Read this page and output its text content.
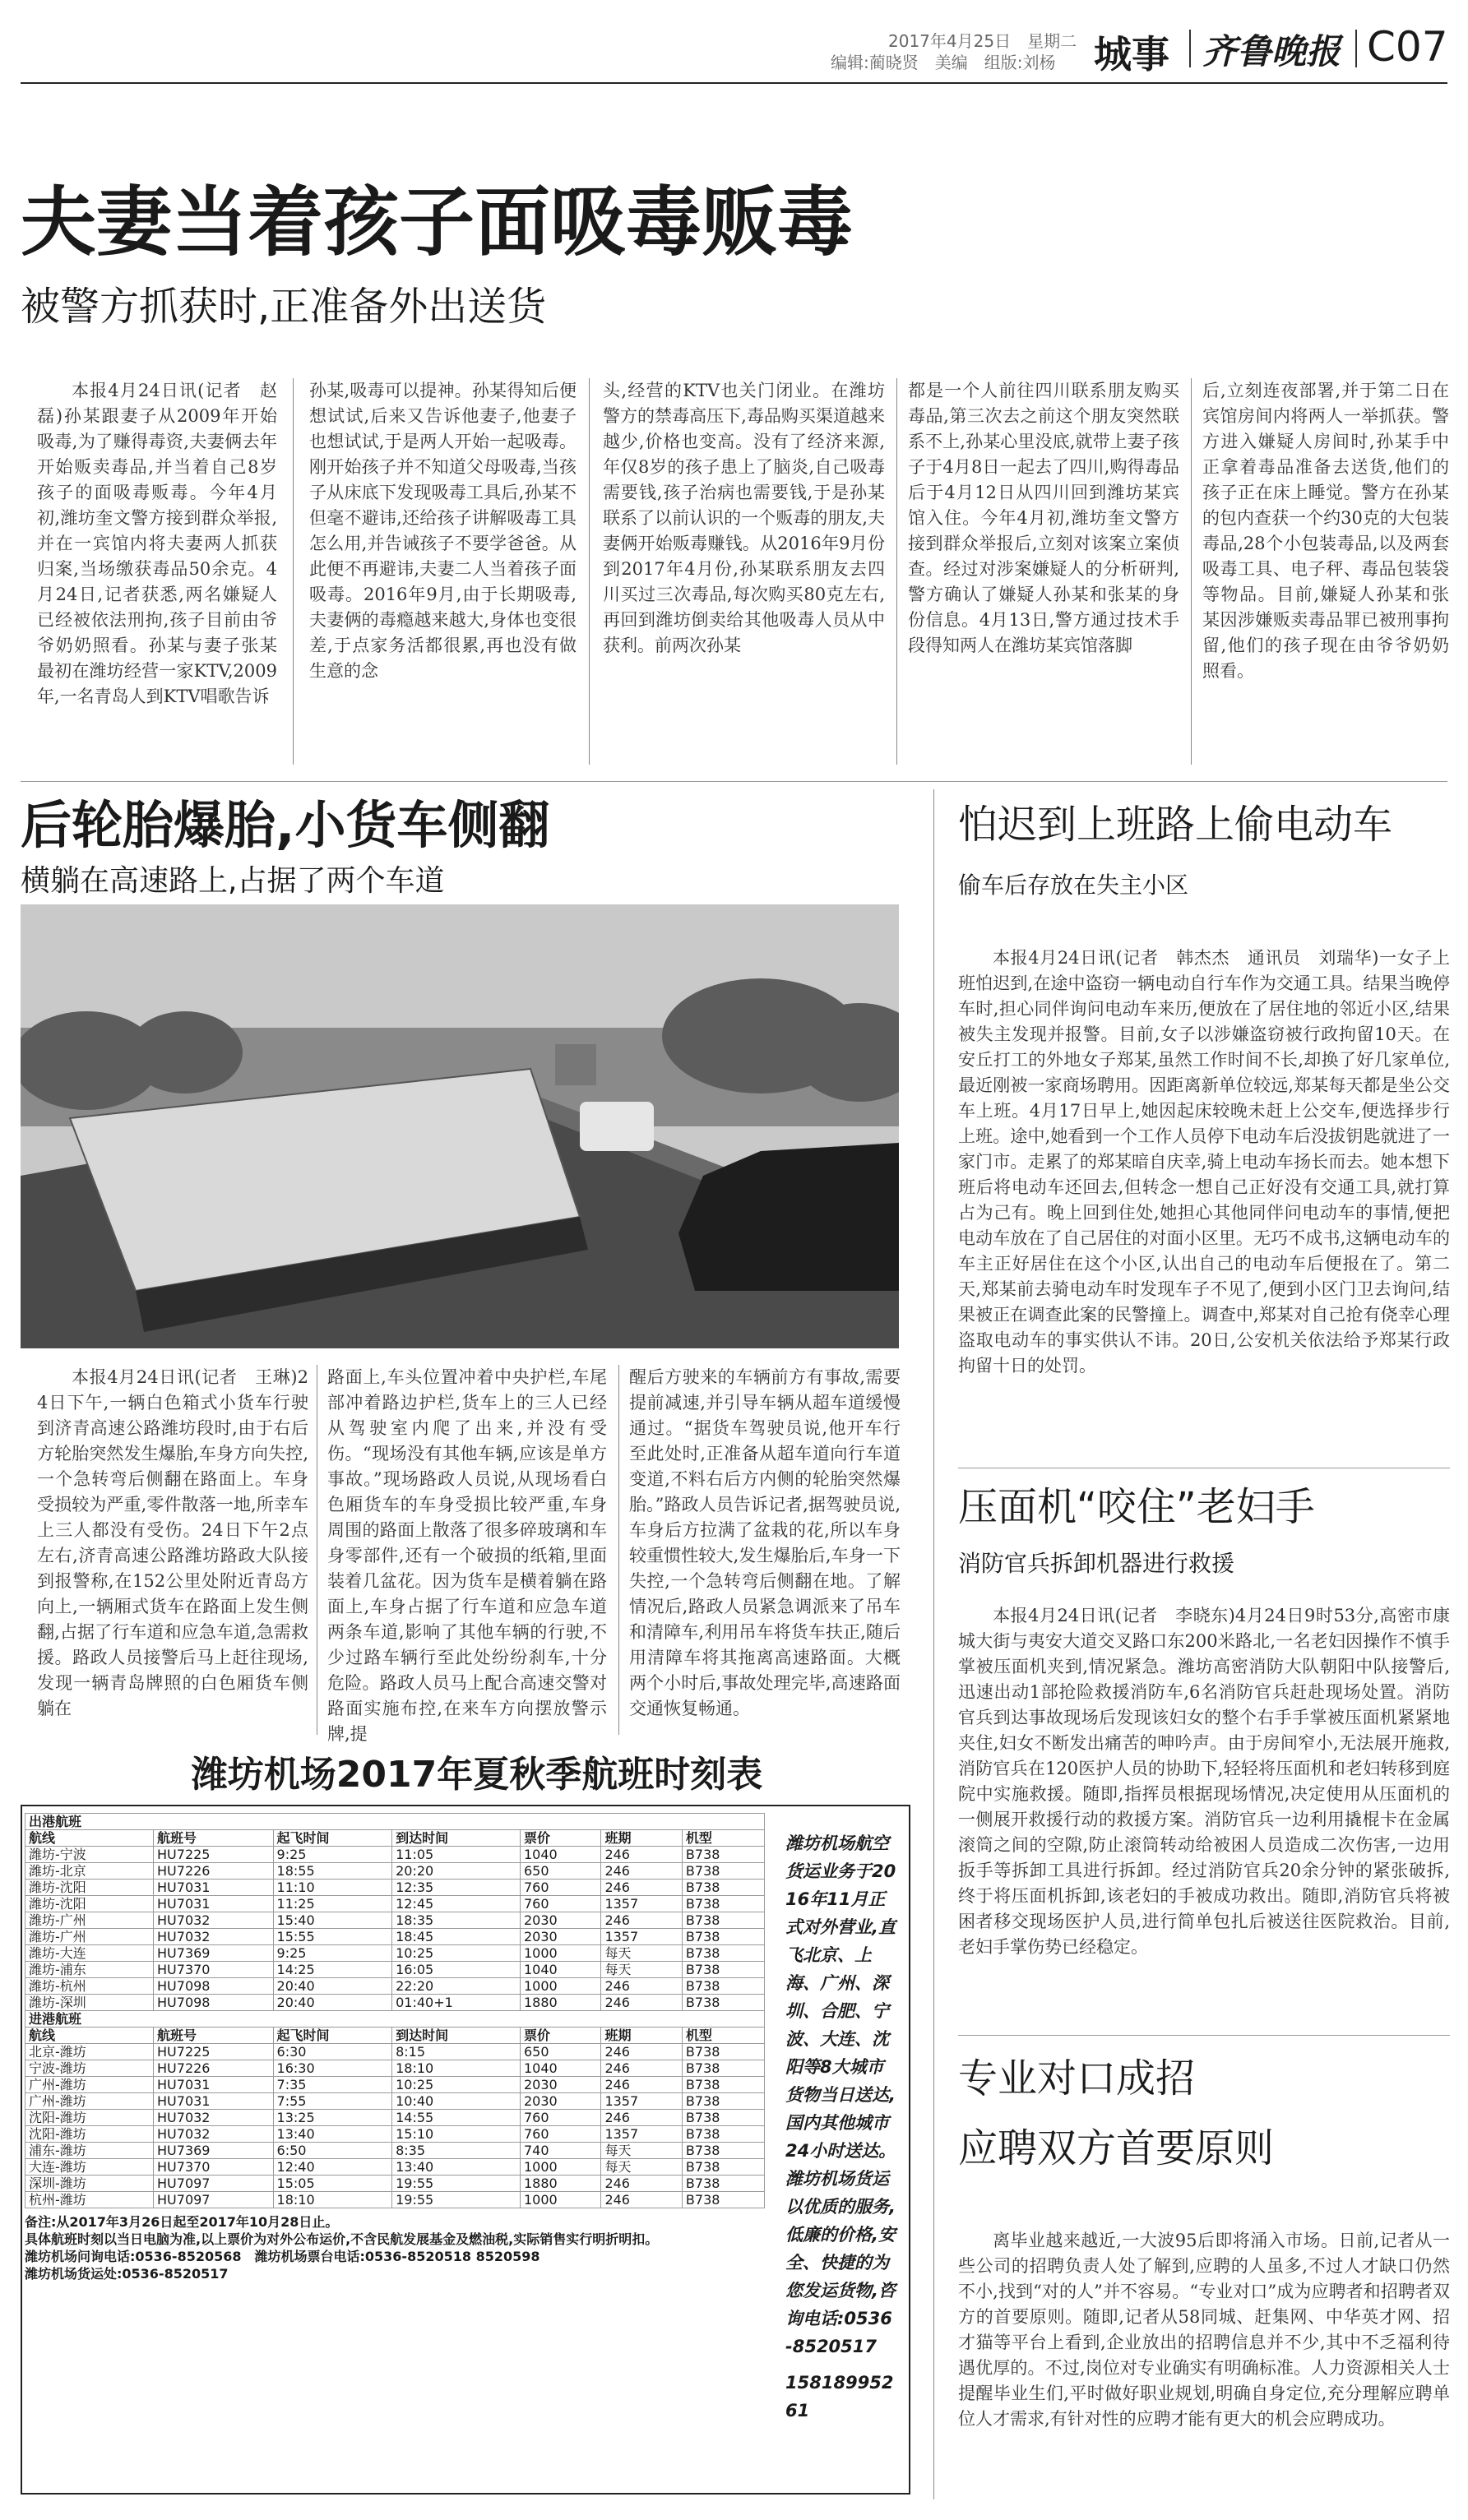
2017年4月25日　星期二
编辑:蔺晓贤　美编　组版:刘杨 城事 齐鲁晚报 C07
夫妻当着孩子面吸毒贩毒
被警方抓获时,正准备外出送货

本报4月24日讯(记者　赵磊)孙某跟妻子从2009年开始吸毒,为了赚得毒资,夫妻俩去年开始贩卖毒品,并当着自己8岁孩子的面吸毒贩毒。今年4月初,潍坊奎文警方接到群众举报,并在一宾馆内将夫妻两人抓获归案,当场缴获毒品50余克。4月24日,记者获悉,两名嫌疑人已经被依法刑拘,孩子目前由爷爷奶奶照看。孙某与妻子张某最初在潍坊经营一家KTV,2009年,一名青岛人到KTV唱歌告诉

孙某,吸毒可以提神。孙某得知后便想试试,后来又告诉他妻子,他妻子也想试试,于是两人开始一起吸毒。刚开始孩子并不知道父母吸毒,当孩子从床底下发现吸毒工具后,孙某不但毫不避讳,还给孩子讲解吸毒工具怎么用,并告诫孩子不要学爸爸。从此便不再避讳,夫妻二人当着孩子面吸毒。2016年9月,由于长期吸毒,夫妻俩的毒瘾越来越大,身体也变很差,于点家务活都很累,再也没有做生意的念

头,经营的KTV也关门闭业。在潍坊警方的禁毒高压下,毒品购买渠道越来越少,价格也变高。没有了经济来源,年仅8岁的孩子患上了脑炎,自己吸毒需要钱,孩子治病也需要钱,于是孙某联系了以前认识的一个贩毒的朋友,夫妻俩开始贩毒赚钱。从2016年9月份到2017年4月份,孙某联系朋友去四川买过三次毒品,每次购买80克左右,再回到潍坊倒卖给其他吸毒人员从中获利。前两次孙某

都是一个人前往四川联系朋友购买毒品,第三次去之前这个朋友突然联系不上,孙某心里没底,就带上妻子孩子于4月8日一起去了四川,购得毒品后于4月12日从四川回到潍坊某宾馆入住。今年4月初,潍坊奎文警方接到群众举报后,立刻对该案立案侦查。经过对涉案嫌疑人的分析研判,警方确认了嫌疑人孙某和张某的身份信息。4月13日,警方通过技术手段得知两人在潍坊某宾馆落脚

后,立刻连夜部署,并于第二日在宾馆房间内将两人一举抓获。警方进入嫌疑人房间时,孙某手中正拿着毒品准备去送货,他们的孩子正在床上睡觉。警方在孙某的包内查获一个约30克的大包装毒品,28个小包装毒品,以及两套吸毒工具、电子秤、毒品包装袋等物品。目前,嫌疑人孙某和张某因涉嫌贩卖毒品罪已被刑事拘留,他们的孩子现在由爷爷奶奶照看。

后轮胎爆胎,小货车侧翻
横躺在高速路上,占据了两个车道

本报4月24日讯(记者　王琳)24日下午,一辆白色箱式小货车行驶到济青高速公路潍坊段时,由于右后方轮胎突然发生爆胎,车身方向失控,一个急转弯后侧翻在路面上。车身受损较为严重,零件散落一地,所幸车上三人都没有受伤。24日下午2点左右,济青高速公路潍坊路政大队接到报警称,在152公里处附近青岛方向上,一辆厢式货车在路面上发生侧翻,占据了行车道和应急车道,急需救援。路政人员接警后马上赶往现场,发现一辆青岛牌照的白色厢货车侧躺在

路面上,车头位置冲着中央护栏,车尾部冲着路边护栏,货车上的三人已经从驾驶室内爬了出来,并没有受伤。“现场没有其他车辆,应该是单方事故。”现场路政人员说,从现场看白色厢货车的车身受损比较严重,车身周围的路面上散落了很多碎玻璃和车身零部件,还有一个破损的纸箱,里面装着几盆花。因为货车是横着躺在路面上,车身占据了行车道和应急车道两条车道,影响了其他车辆的行驶,不少过路车辆行至此处纷纷刹车,十分危险。路政人员马上配合高速交警对路面实施布控,在来车方向摆放警示牌,提

醒后方驶来的车辆前方有事故,需要提前减速,并引导车辆从超车道缓慢通过。“据货车驾驶员说,他开车行至此处时,正准备从超车道向行车道变道,不料右后方内侧的轮胎突然爆胎。”路政人员告诉记者,据驾驶员说,车身后方拉满了盆栽的花,所以车身较重惯性较大,发生爆胎后,车身一下失控,一个急转弯后侧翻在地。了解情况后,路政人员紧急调派来了吊车和清障车,利用吊车将货车扶正,随后用清障车将其拖离高速路面。大概两个小时后,事故处理完毕,高速路面交通恢复畅通。

潍坊机场2017年夏秋季航班时刻表
出港航班						
航线	航班号	起飞时间	到达时间	票价	班期	机型
潍坊-宁波	HU7225	9:25	11:05	1040	246	B738
潍坊-北京	HU7226	18:55	20:20	650	246	B738
潍坊-沈阳	HU7031	11:10	12:35	760	246	B738
潍坊-沈阳	HU7031	11:25	12:45	760	1357	B738
潍坊-广州	HU7032	15:40	18:35	2030	246	B738
潍坊-广州	HU7032	15:55	18:45	2030	1357	B738
潍坊-大连	HU7369	9:25	10:25	1000	每天	B738
潍坊-浦东	HU7370	14:25	16:05	1040	每天	B738
潍坊-杭州	HU7098	20:40	22:20	1000	246	B738
潍坊-深圳	HU7098	20:40	01:40+1	1880	246	B738
进港航班						
航线	航班号	起飞时间	到达时间	票价	班期	机型
北京-潍坊	HU7225	6:30	8:15	650	246	B738
宁波-潍坊	HU7226	16:30	18:10	1040	246	B738
广州-潍坊	HU7031	7:35	10:25	2030	246	B738
广州-潍坊	HU7031	7:55	10:40	2030	1357	B738
沈阳-潍坊	HU7032	13:25	14:55	760	246	B738
沈阳-潍坊	HU7032	13:40	15:10	760	1357	B738
浦东-潍坊	HU7369	6:50	8:35	740	每天	B738
大连-潍坊	HU7370	12:40	13:40	1000	每天	B738
深圳-潍坊	HU7097	15:05	19:55	1880	246	B738
杭州-潍坊	HU7097	18:10	19:55	1000	246	B738
备注:从2017年3月26日起至2017年10月28日止。
具体航班时刻以当日电脑为准,以上票价为对外公布运价,不含民航发展基金及燃油税,实际销售实行明折明扣。
潍坊机场问询电话:0536-8520568　潍坊机场票台电话:0536-8520518 8520598
潍坊机场货运处:0536-8520517
潍坊机场航空货运业务于2016年11月正式对外营业,直飞北京、上海、广州、深圳、合肥、宁波、大连、沈阳等8大城市货物当日送达,国内其他城市24小时送达。潍坊机场货运以优质的服务,低廉的价格,安全、快捷的为您发运货物,咨询电话:0536-8520517
15818995261
怕迟到上班路上偷电动车
偷车后存放在失主小区

本报4月24日讯(记者　韩杰杰　通讯员　刘瑞华)一女子上班怕迟到,在途中盗窃一辆电动自行车作为交通工具。结果当晚停车时,担心同伴询问电动车来历,便放在了居住地的邻近小区,结果被失主发现并报警。目前,女子以涉嫌盗窃被行政拘留10天。在安丘打工的外地女子郑某,虽然工作时间不长,却换了好几家单位,最近刚被一家商场聘用。因距离新单位较远,郑某每天都是坐公交车上班。4月17日早上,她因起床较晚未赶上公交车,便选择步行上班。途中,她看到一个工作人员停下电动车后没拔钥匙就进了一家门市。走累了的郑某暗自庆幸,骑上电动车扬长而去。她本想下班后将电动车还回去,但转念一想自己正好没有交通工具,就打算占为己有。晚上回到住处,她担心其他同伴问电动车的事情,便把电动车放在了自己居住的对面小区里。无巧不成书,这辆电动车的车主正好居住在这个小区,认出自己的电动车后便报在了。第二天,郑某前去骑电动车时发现车子不见了,便到小区门卫去询问,结果被正在调查此案的民警撞上。调查中,郑某对自己抢有侥幸心理盗取电动车的事实供认不讳。20日,公安机关依法给予郑某行政拘留十日的处罚。

压面机“咬住”老妇手
消防官兵拆卸机器进行救援

本报4月24日讯(记者　李晓东)4月24日9时53分,高密市康城大街与夷安大道交叉路口东200米路北,一名老妇因操作不慎手掌被压面机夹到,情况紧急。潍坊高密消防大队朝阳中队接警后,迅速出动1部抢险救援消防车,6名消防官兵赶赴现场处置。消防官兵到达事故现场后发现该妇女的整个右手手掌被压面机紧紧地夹住,妇女不断发出痛苦的呻吟声。由于房间窄小,无法展开施救,消防官兵在120医护人员的协助下,轻轻将压面机和老妇转移到庭院中实施救援。随即,指挥员根据现场情况,决定使用从压面机的一侧展开救援行动的救援方案。消防官兵一边利用撬棍卡在金属滚筒之间的空隙,防止滚筒转动给被困人员造成二次伤害,一边用扳手等拆卸工具进行拆卸。经过消防官兵20余分钟的紧张破拆,终于将压面机拆卸,该老妇的手被成功救出。随即,消防官兵将被困者移交现场医护人员,进行简单包扎后被送往医院救治。目前,老妇手掌伤势已经稳定。

专业对口成招
应聘双方首要原则

离毕业越来越近,一大波95后即将涌入市场。日前,记者从一些公司的招聘负责人处了解到,应聘的人虽多,不过人才缺口仍然不小,找到“对的人”并不容易。“专业对口”成为应聘者和招聘者双方的首要原则。随即,记者从58同城、赶集网、中华英才网、招才猫等平台上看到,企业放出的招聘信息并不少,其中不乏福利待遇优厚的。不过,岗位对专业确实有明确标准。人力资源相关人士提醒毕业生们,平时做好职业规划,明确自身定位,充分理解应聘单位人才需求,有针对性的应聘才能有更大的机会应聘成功。
